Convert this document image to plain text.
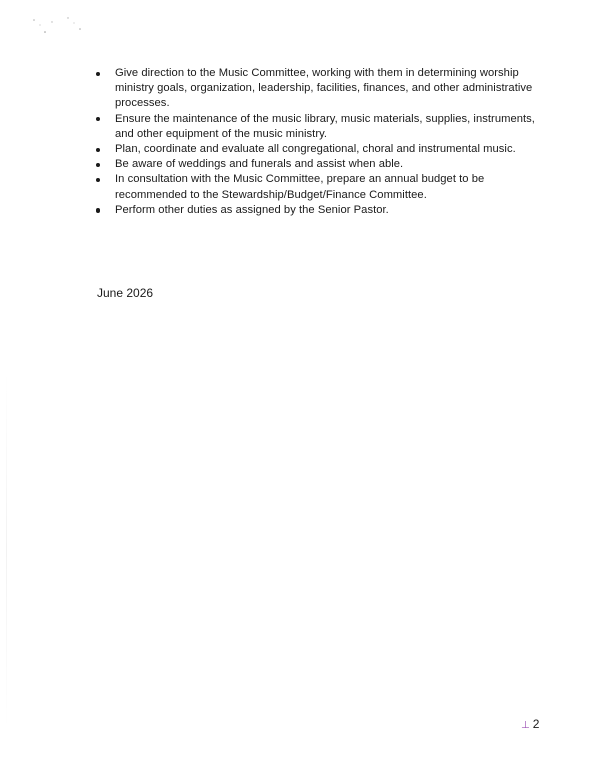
Give direction to the Music Committee, working with them in determining worship ministry goals, organization, leadership, facilities, finances, and other administrative processes.
Ensure the maintenance of the music library, music materials, supplies, instruments, and other equipment of the music ministry.
Plan, coordinate and evaluate all congregational, choral and instrumental music.
Be aware of weddings and funerals and assist when able.
In consultation with the Music Committee, prepare an annual budget to be recommended to the Stewardship/Budget/Finance Committee.
Perform other duties as assigned by the Senior Pastor.
June 2026
⊥ 2
